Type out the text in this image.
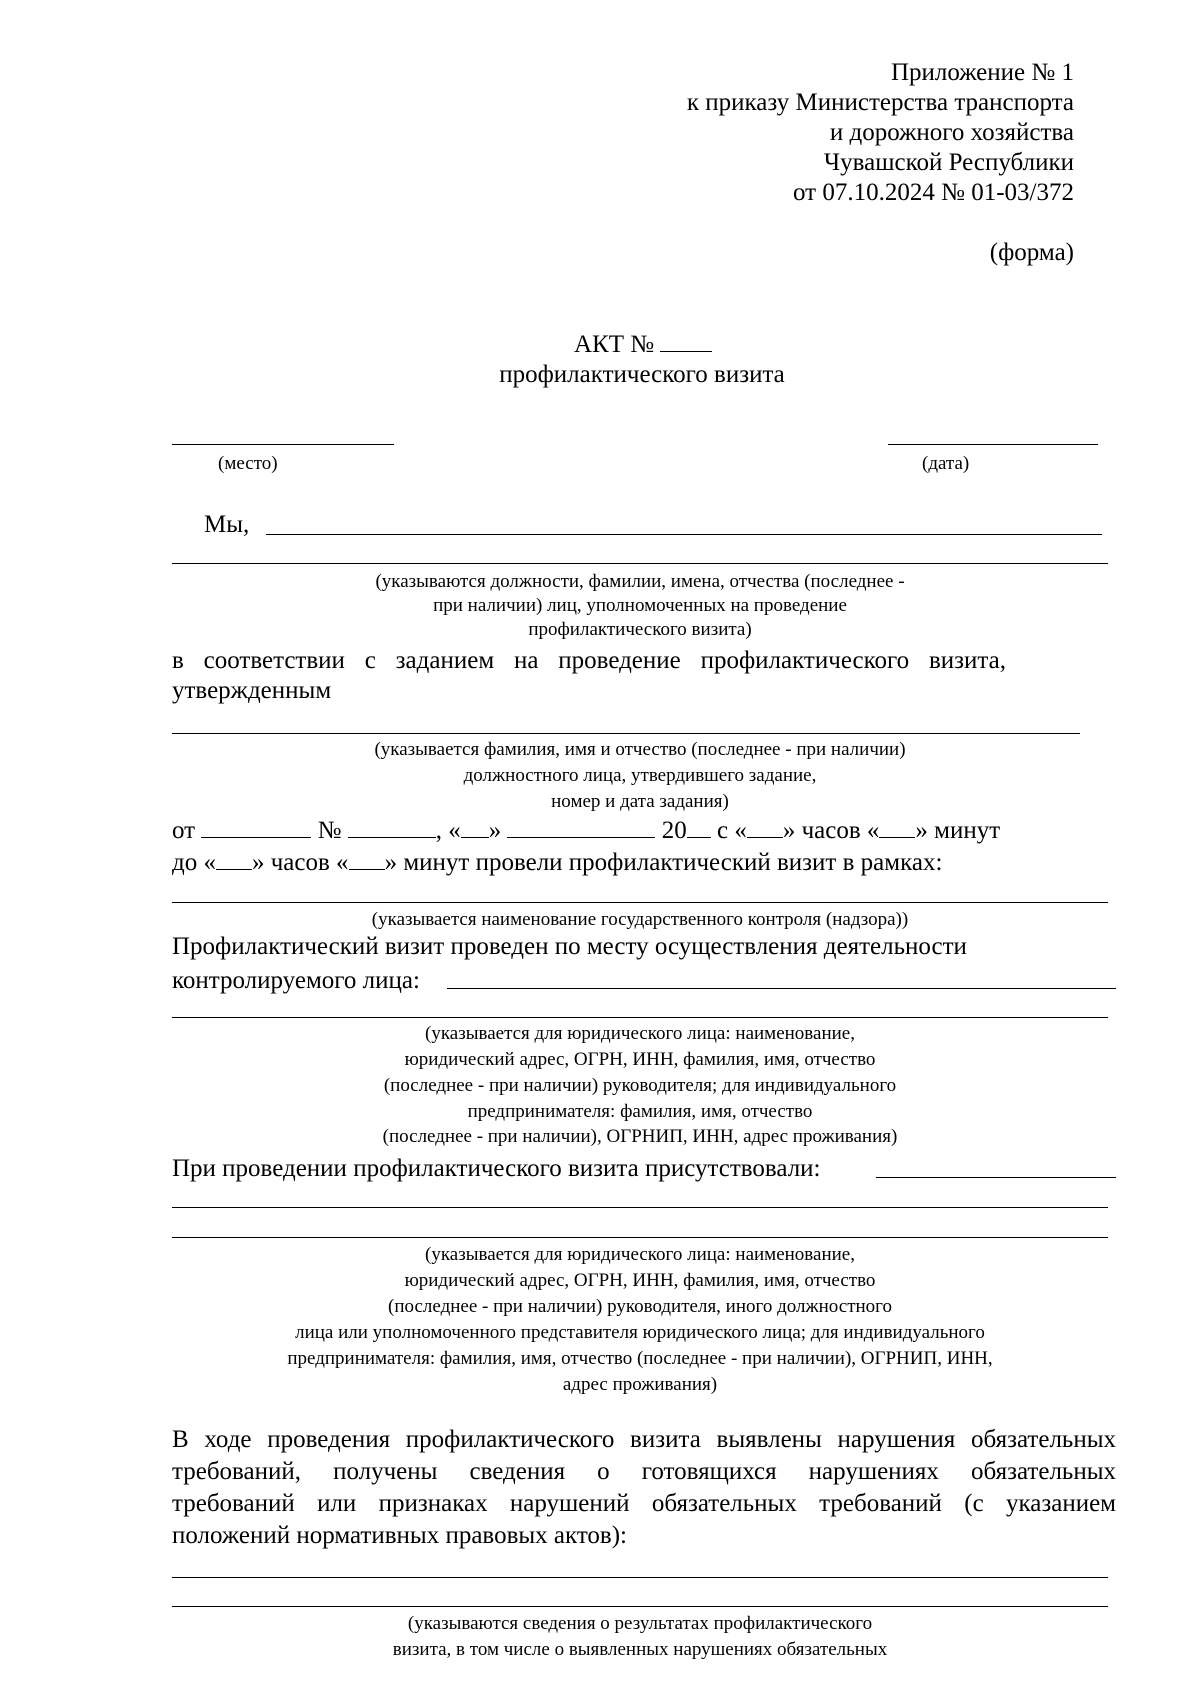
Приложение № 1
к приказу Министерства транспорта
и дорожного хозяйства
Чувашской Республики
от 07.10.2024 № 01-03/372
(форма)
АКТ №
профилактического визита
(место)	(дата)
Мы,
(указываются должности, фамилии, имена, отчества (последнее -
при наличии) лиц, уполномоченных на проведение
профилактического визита)
в соответствии с заданием на проведение профилактического визита,
утвержденным
(указывается фамилия, имя и отчество (последнее - при наличии)
должностного лица, утвердившего задание,
номер и дата задания)
от	№	, « »	20 с « » часов « » минут
до « » часов « » минут провели профилактический визит в рамках:
(указывается наименование государственного контроля (надзора))
Профилактический визит проведен по месту осуществления деятельности
контролируемого лица:
(указывается для юридического лица: наименование,
юридический адрес, ОГРН, ИНН, фамилия, имя, отчество
(последнее - при наличии) руководителя; для индивидуального
предпринимателя: фамилия, имя, отчество
(последнее - при наличии), ОГРНИП, ИНН, адрес проживания)
При проведении профилактического визита присутствовали:
(указывается для юридического лица: наименование,
юридический адрес, ОГРН, ИНН, фамилия, имя, отчество
(последнее - при наличии) руководителя, иного должностного
лица или уполномоченного представителя юридического лица; для индивидуального
предпринимателя: фамилия, имя, отчество (последнее - при наличии), ОГРНИП, ИНН,
адрес проживания)
В ходе проведения профилактического визита выявлены нарушения обязательных
требований, получены сведения о готовящихся нарушениях обязательных
требований или признаках нарушений обязательных требований (с указанием
положений нормативных правовых актов):
(указываются сведения о результатах профилактического
визита, в том числе о выявленных нарушениях обязательных
